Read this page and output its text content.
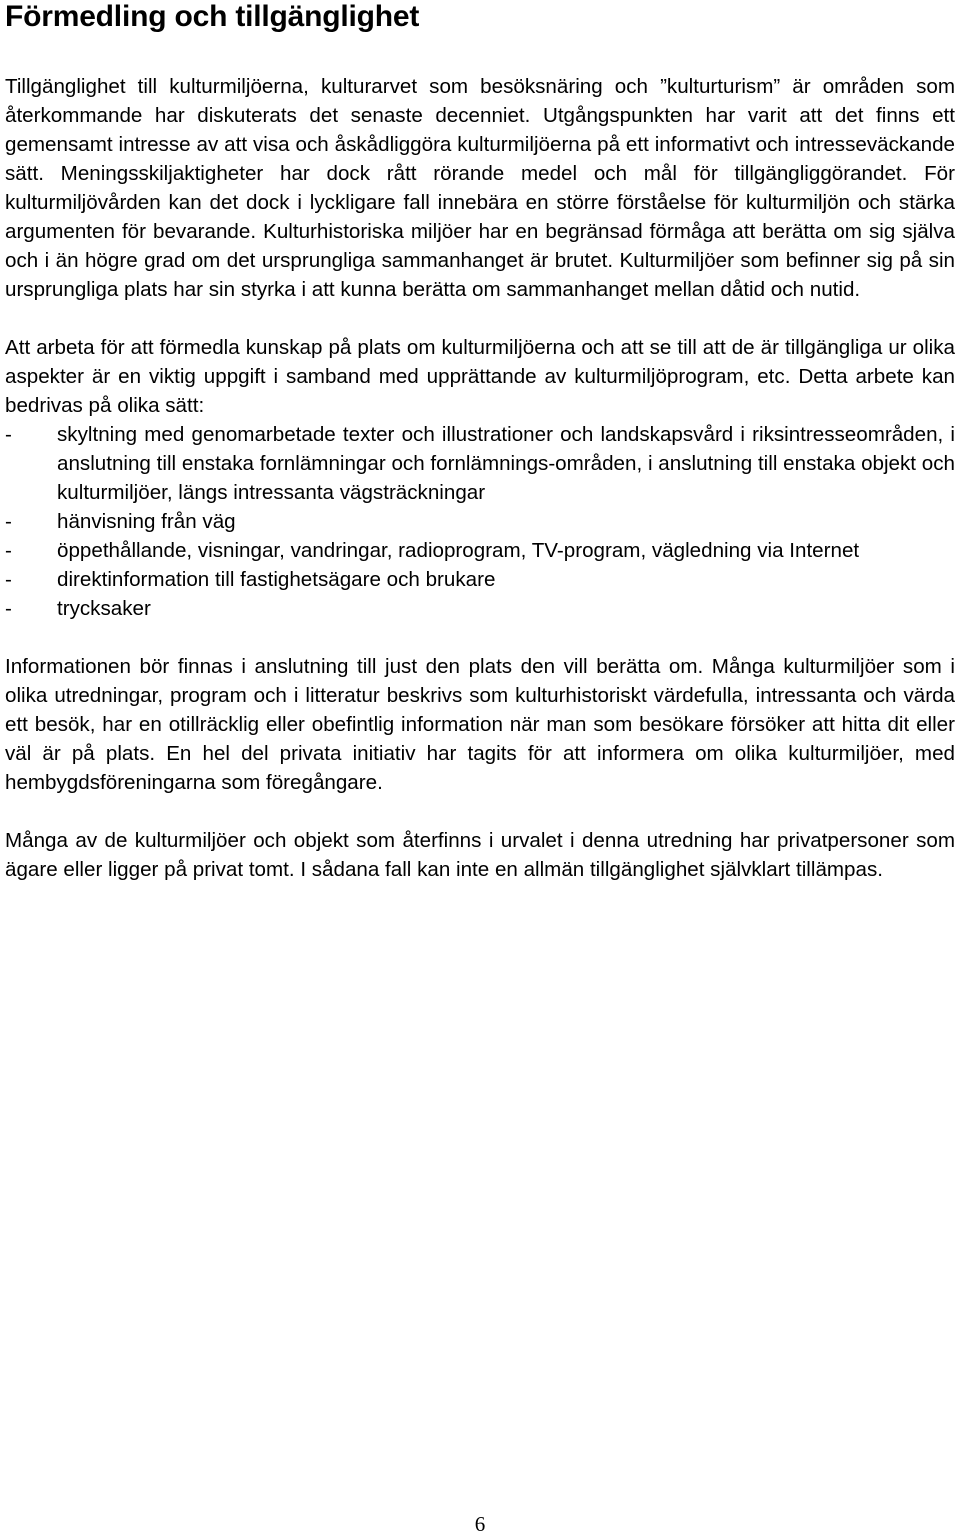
Förmedling och tillgänglighet

Tillgänglighet till kulturmiljöerna, kulturarvet som besöksnäring och ”kulturturism” är områden som återkommande har diskuterats det senaste decenniet. Utgångspunkten har varit att det finns ett gemensamt intresse av att visa och åskådliggöra kulturmiljöerna på ett informativt och intresseväckande sätt. Meningsskiljaktigheter har dock rått rörande medel och mål för tillgängliggörandet. För kulturmiljövården kan det dock i lyckligare fall innebära en större förståelse för kulturmiljön och stärka argumenten för bevarande. Kulturhistoriska miljöer har en begränsad förmåga att berätta om sig själva och i än högre grad om det ursprungliga sammanhanget är brutet. Kulturmiljöer som befinner sig på sin ursprungliga plats har sin styrka i att kunna berätta om sammanhanget mellan dåtid och nutid.

Att arbeta för att förmedla kunskap på plats om kulturmiljöerna och att se till att de är tillgängliga ur olika aspekter är en viktig uppgift i samband med upprättande av kulturmiljöprogram, etc. Detta arbete kan bedrivas på olika sätt:

- skyltning med genomarbetade texter och illustrationer och landskapsvård i riksintresseområden, i anslutning till enstaka fornlämningar och fornlämnings-områden, i anslutning till enstaka objekt och kulturmiljöer, längs intressanta vägsträckningar
- hänvisning från väg
- öppethållande, visningar, vandringar, radioprogram, TV-program, vägledning via Internet
- direktinformation till fastighetsägare och brukare
- trycksaker

Informationen bör finnas i anslutning till just den plats den vill berätta om. Många kulturmiljöer som i olika utredningar, program och i litteratur beskrivs som kulturhistoriskt värdefulla, intressanta och värda ett besök, har en otillräcklig eller obefintlig information när man som besökare försöker att hitta dit eller väl är på plats. En hel del privata initiativ har tagits för att informera om olika kulturmiljöer, med hembygdsföreningarna som föregångare.

Många av de kulturmiljöer och objekt som återfinns i urvalet i denna utredning har privatpersoner som ägare eller ligger på privat tomt. I sådana fall kan inte en allmän tillgänglighet självklart tillämpas.

6
